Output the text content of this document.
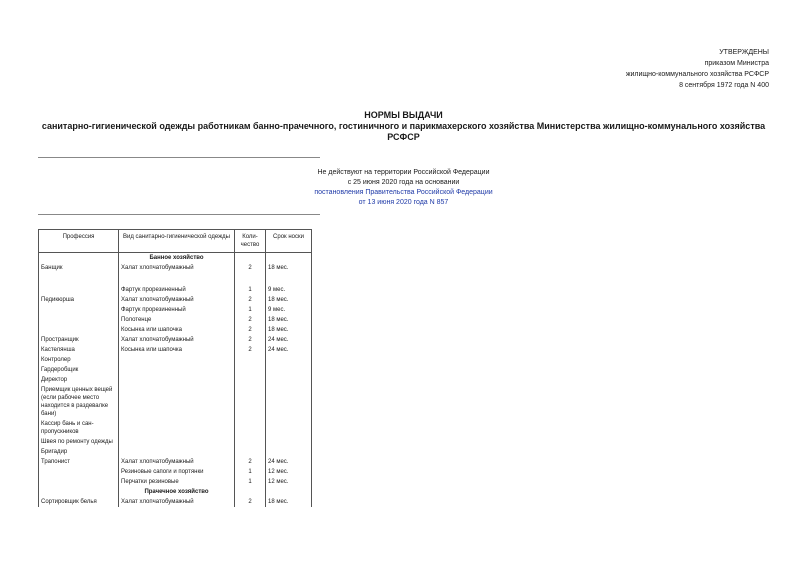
УТВЕРЖДЕНЫ
приказом Министра
жилищно-коммунального хозяйства РСФСР
8 сентября 1972 года N 400
НОРМЫ ВЫДАЧИ
санитарно-гигиенической одежды работникам банно-прачечного, гостиничного и парикмахерского хозяйства Министерства жилищно-коммунального хозяйства РСФСР
Не действуют на территории Российской Федерации
с 25 июня 2020 года на основании
постановления Правительства Российской Федерации
от 13 июня 2020 года N 857
Профессия	Вид санитарно-гигиенической одежды	Коли-чество	Срок носки
	Банное хозяйство		
Банщик	Халат хлопчатобумажный	2	18 мес.

	Фартук прорезиненный	1	9 мес.
Педикюрша	Халат хлопчатобумажный	2	18 мес.
	Фартук прорезиненный	1	9 мес.
	Полотенце	2	18 мес.
	Косынка или шапочка	2	18 мес.
Пространщик	Халат хлопчатобумажный	2	24 мес.
Кастелянша	Косынка или шапочка	2	24 мес.
Контролер			
Гардеробщик			
Директор			
Приемщик ценных вещей (если рабочее место находится в раздевалке бани)			
Кассир бань и сан-пропускников			
Швея по ремонту одежды			
Бригадир			
Трапонист	Халат хлопчатобумажный	2	24 мес.
	Резиновые сапоги и портянки	1	12 мес.
	Перчатки резиновые	1	12 мес.
	Прачечное хозяйство		
Сортировщик белья	Халат хлопчатобумажный	2	18 мес.
